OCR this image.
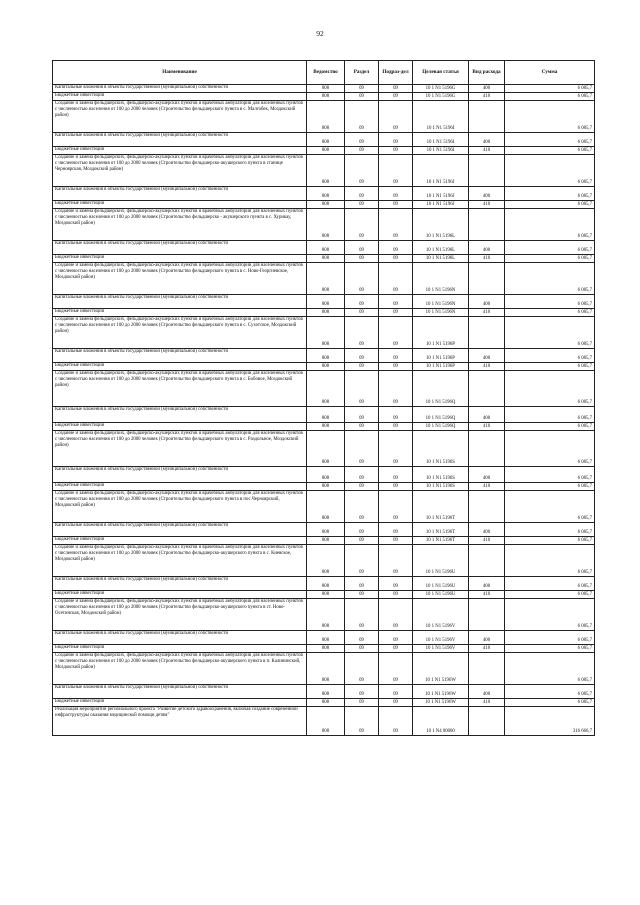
92
Наименование	Ведомство	Раздел	Подраз-дел	Целевая статья	Вид расхода	Сумма
Капитальные вложения в объекты государственной (муниципальной) собственности	808	09	09	10 1 N1 5196G	400	6 085,7
Бюджетные инвестиции	808	09	09	10 1 N1 5196G	410	6 085,7
Создание и замена фельдшерских, фельдшерско-акушерских пунктов и врачебных амбулаторий для населенных пунктов с численностью населения от 100 до 2000 человек (Строительство фельдшерского пункта в с. Малгобек, Моздокский район)	808	09	09	10 1 N1 5196I		6 085,7
Капитальные вложения в объекты государственной (муниципальной) собственности	808	09	09	10 1 N1 5196I	400	6 085,7
Бюджетные инвестиции	808	09	09	10 1 N1 5196I	410	6 085,7
Создание и замена фельдшерских, фельдшерско-акушерских пунктов и врачебных амбулаторий для населенных пунктов с численностью населения от 100 до 2000 человек (Строительство фельдшерско-акушерского пункта в станице Черноярская, Моздокский район)	808	09	09	10 1 N1 5196J		6 085,7
Капитальные вложения в объекты государственной (муниципальной) собственности	808	09	09	10 1 N1 5196J	400	6 085,7
Бюджетные инвестиции	808	09	09	10 1 N1 5196J	410	6 085,7
Создание и замена фельдшерских, фельдшерско-акушерских пунктов и врачебных амбулаторий для населенных пунктов с численностью населения от 100 до 2000 человек (Строительство фельдшерско - акушерского пункта в с. Хурикау, Моздокский район)	808	09	09	10 1 N1 5196L		6 085,7
Капитальные вложения в объекты государственной (муниципальной) собственности	808	09	09	10 1 N1 5196L	400	6 085,7
Бюджетные инвестиции	808	09	09	10 1 N1 5196L	410	6 085,7
Создание и замена фельдшерских, фельдшерско-акушерских пунктов и врачебных амбулаторий для населенных пунктов с численностью населения от 100 до 2000 человек (Строительство фельдшерского пункта в с. Ново-Георгиевское, Моздокский район)	808	09	09	10 1 N1 5196N		6 085,7
Капитальные вложения в объекты государственной (муниципальной) собственности	808	09	09	10 1 N1 5196N	400	6 085,7
Бюджетные инвестиции	808	09	09	10 1 N1 5196N	410	6 085,7
Создание и замена фельдшерских, фельдшерско-акушерских пунктов и врачебных амбулаторий для населенных пунктов с численностью населения от 100 до 2000 человек (Строительство фельдшерского пункта в с. Сухотское, Моздокский район)	808	09	09	10 1 N1 5196P		6 085,7
Капитальные вложения в объекты государственной (муниципальной) собственности	808	09	09	10 1 N1 5196P	400	6 085,7
Бюджетные инвестиции	808	09	09	10 1 N1 5196P	410	6 085,7
Создание и замена фельдшерских, фельдшерско-акушерских пунктов и врачебных амбулаторий для населенных пунктов с численностью населения от 100 до 2000 человек (Строительство фельдшерского пункта в с. Бобовое, Моздокский район)	808	09	09	10 1 N1 5196Q		6 085,7
Капитальные вложения в объекты государственной (муниципальной) собственности	808	09	09	10 1 N1 5196Q	400	6 085,7
Бюджетные инвестиции	808	09	09	10 1 N1 5196Q	410	6 085,7
Создание и замена фельдшерских, фельдшерско-акушерских пунктов и врачебных амбулаторий для населенных пунктов с численностью населения от 100 до 2000 человек (Строительство фельдшерского пункта в с. Раздольное, Моздокский район)	808	09	09	10 1 N1 5196S		6 085,7
Капитальные вложения в объекты государственной (муниципальной) собственности	808	09	09	10 1 N1 5196S	400	6 085,7
Бюджетные инвестиции	808	09	09	10 1 N1 5196S	410	6 085,7
Создание и замена фельдшерских, фельдшерско-акушерских пунктов и врачебных амбулаторий для населенных пунктов с численностью населения от 100 до 2000 человек (Строительство фельдшерского пункта в пос.Черноярский, Моздокский район)	808	09	09	10 1 N1 5196T		6 085,7
Капитальные вложения в объекты государственной (муниципальной) собственности	808	09	09	10 1 N1 5196T	400	6 085,7
Бюджетные инвестиции	808	09	09	10 1 N1 5196T	410	6 085,7
Создание и замена фельдшерских, фельдшерско-акушерских пунктов и врачебных амбулаторий для населенных пунктов с численностью населения от 100 до 2000 человек (Строительство фельдшерско-акушерского пункта в с. Киевское, Моздокский район)	808	09	09	10 1 N1 5196U		6 085,7
Капитальные вложения в объекты государственной (муниципальной) собственности	808	09	09	10 1 N1 5196U	400	6 085,7
Бюджетные инвестиции	808	09	09	10 1 N1 5196U	410	6 085,7
Создание и замена фельдшерских, фельдшерско-акушерских пунктов и врачебных амбулаторий для населенных пунктов с численностью населения от 100 до 2000 человек (Строительство фельдшерско-акушерского пункта в ст. Ново-Осетинская, Моздокский район)	808	09	09	10 1 N1 5196V		6 085,7
Капитальные вложения в объекты государственной (муниципальной) собственности	808	09	09	10 1 N1 5196V	400	6 085,7
Бюджетные инвестиции	808	09	09	10 1 N1 5196V	410	6 085,7
Создание и замена фельдшерских, фельдшерско-акушерских пунктов и врачебных амбулаторий для населенных пунктов с численностью населения от 100 до 2000 человек (Строительство фельдшерско-акушерского пункта в п. Калининский, Моздокский район)	808	09	09	10 1 N1 5196W		6 085,7
Капитальные вложения в объекты государственной (муниципальной) собственности	808	09	09	10 1 N1 5196W	400	6 085,7
Бюджетные инвестиции	808	09	09	10 1 N1 5196W	410	6 085,7
Реализация мероприятий регионального проекта "Развитие детского здравоохранения, включая создание современной инфраструктуры оказания медицинской помощи детям"	808	09	09	10 1 N4 00000		316 666,7
